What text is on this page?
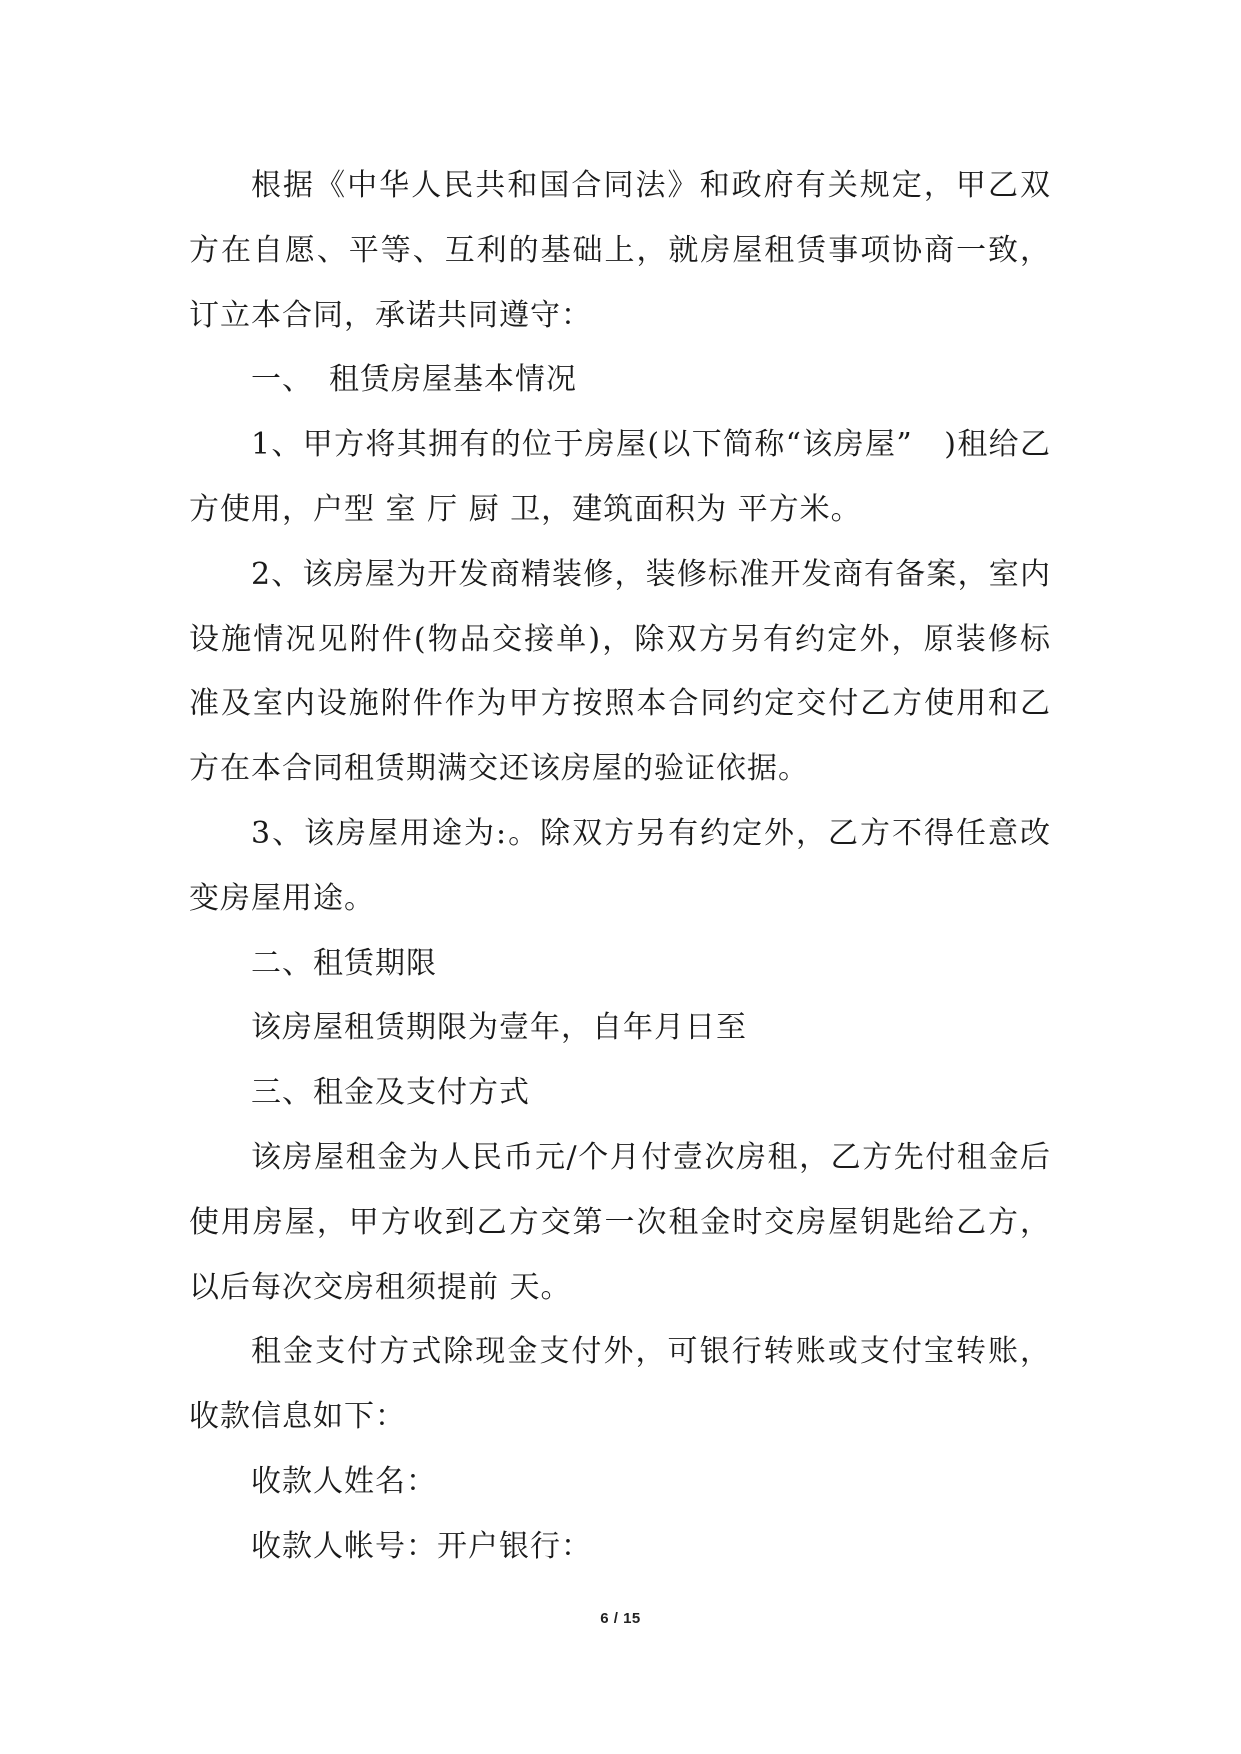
根据《中华人民共和国合同法》和政府有关规定，甲乙双方在自愿、平等、互利的基础上，就房屋租赁事项协商一致，订立本合同，承诺共同遵守：

一、　租赁房屋基本情况

1、甲方将其拥有的位于房屋(以下简称“该房屋”　)租给乙方使用，户型 室 厅 厨 卫，建筑面积为 平方米。

2、该房屋为开发商精装修，装修标准开发商有备案，室内设施情况见附件(物品交接单)，除双方另有约定外，原装修标准及室内设施附件作为甲方按照本合同约定交付乙方使用和乙方在本合同租赁期满交还该房屋的验证依据。

3、该房屋用途为:。除双方另有约定外，乙方不得任意改变房屋用途。

二、租赁期限

该房屋租赁期限为壹年，自年月日至

三、租金及支付方式

该房屋租金为人民币元/个月付壹次房租，乙方先付租金后使用房屋，甲方收到乙方交第一次租金时交房屋钥匙给乙方，以后每次交房租须提前 天。

租金支付方式除现金支付外，可银行转账或支付宝转账，收款信息如下：

收款人姓名：

收款人帐号：开户银行：

6 / 15
